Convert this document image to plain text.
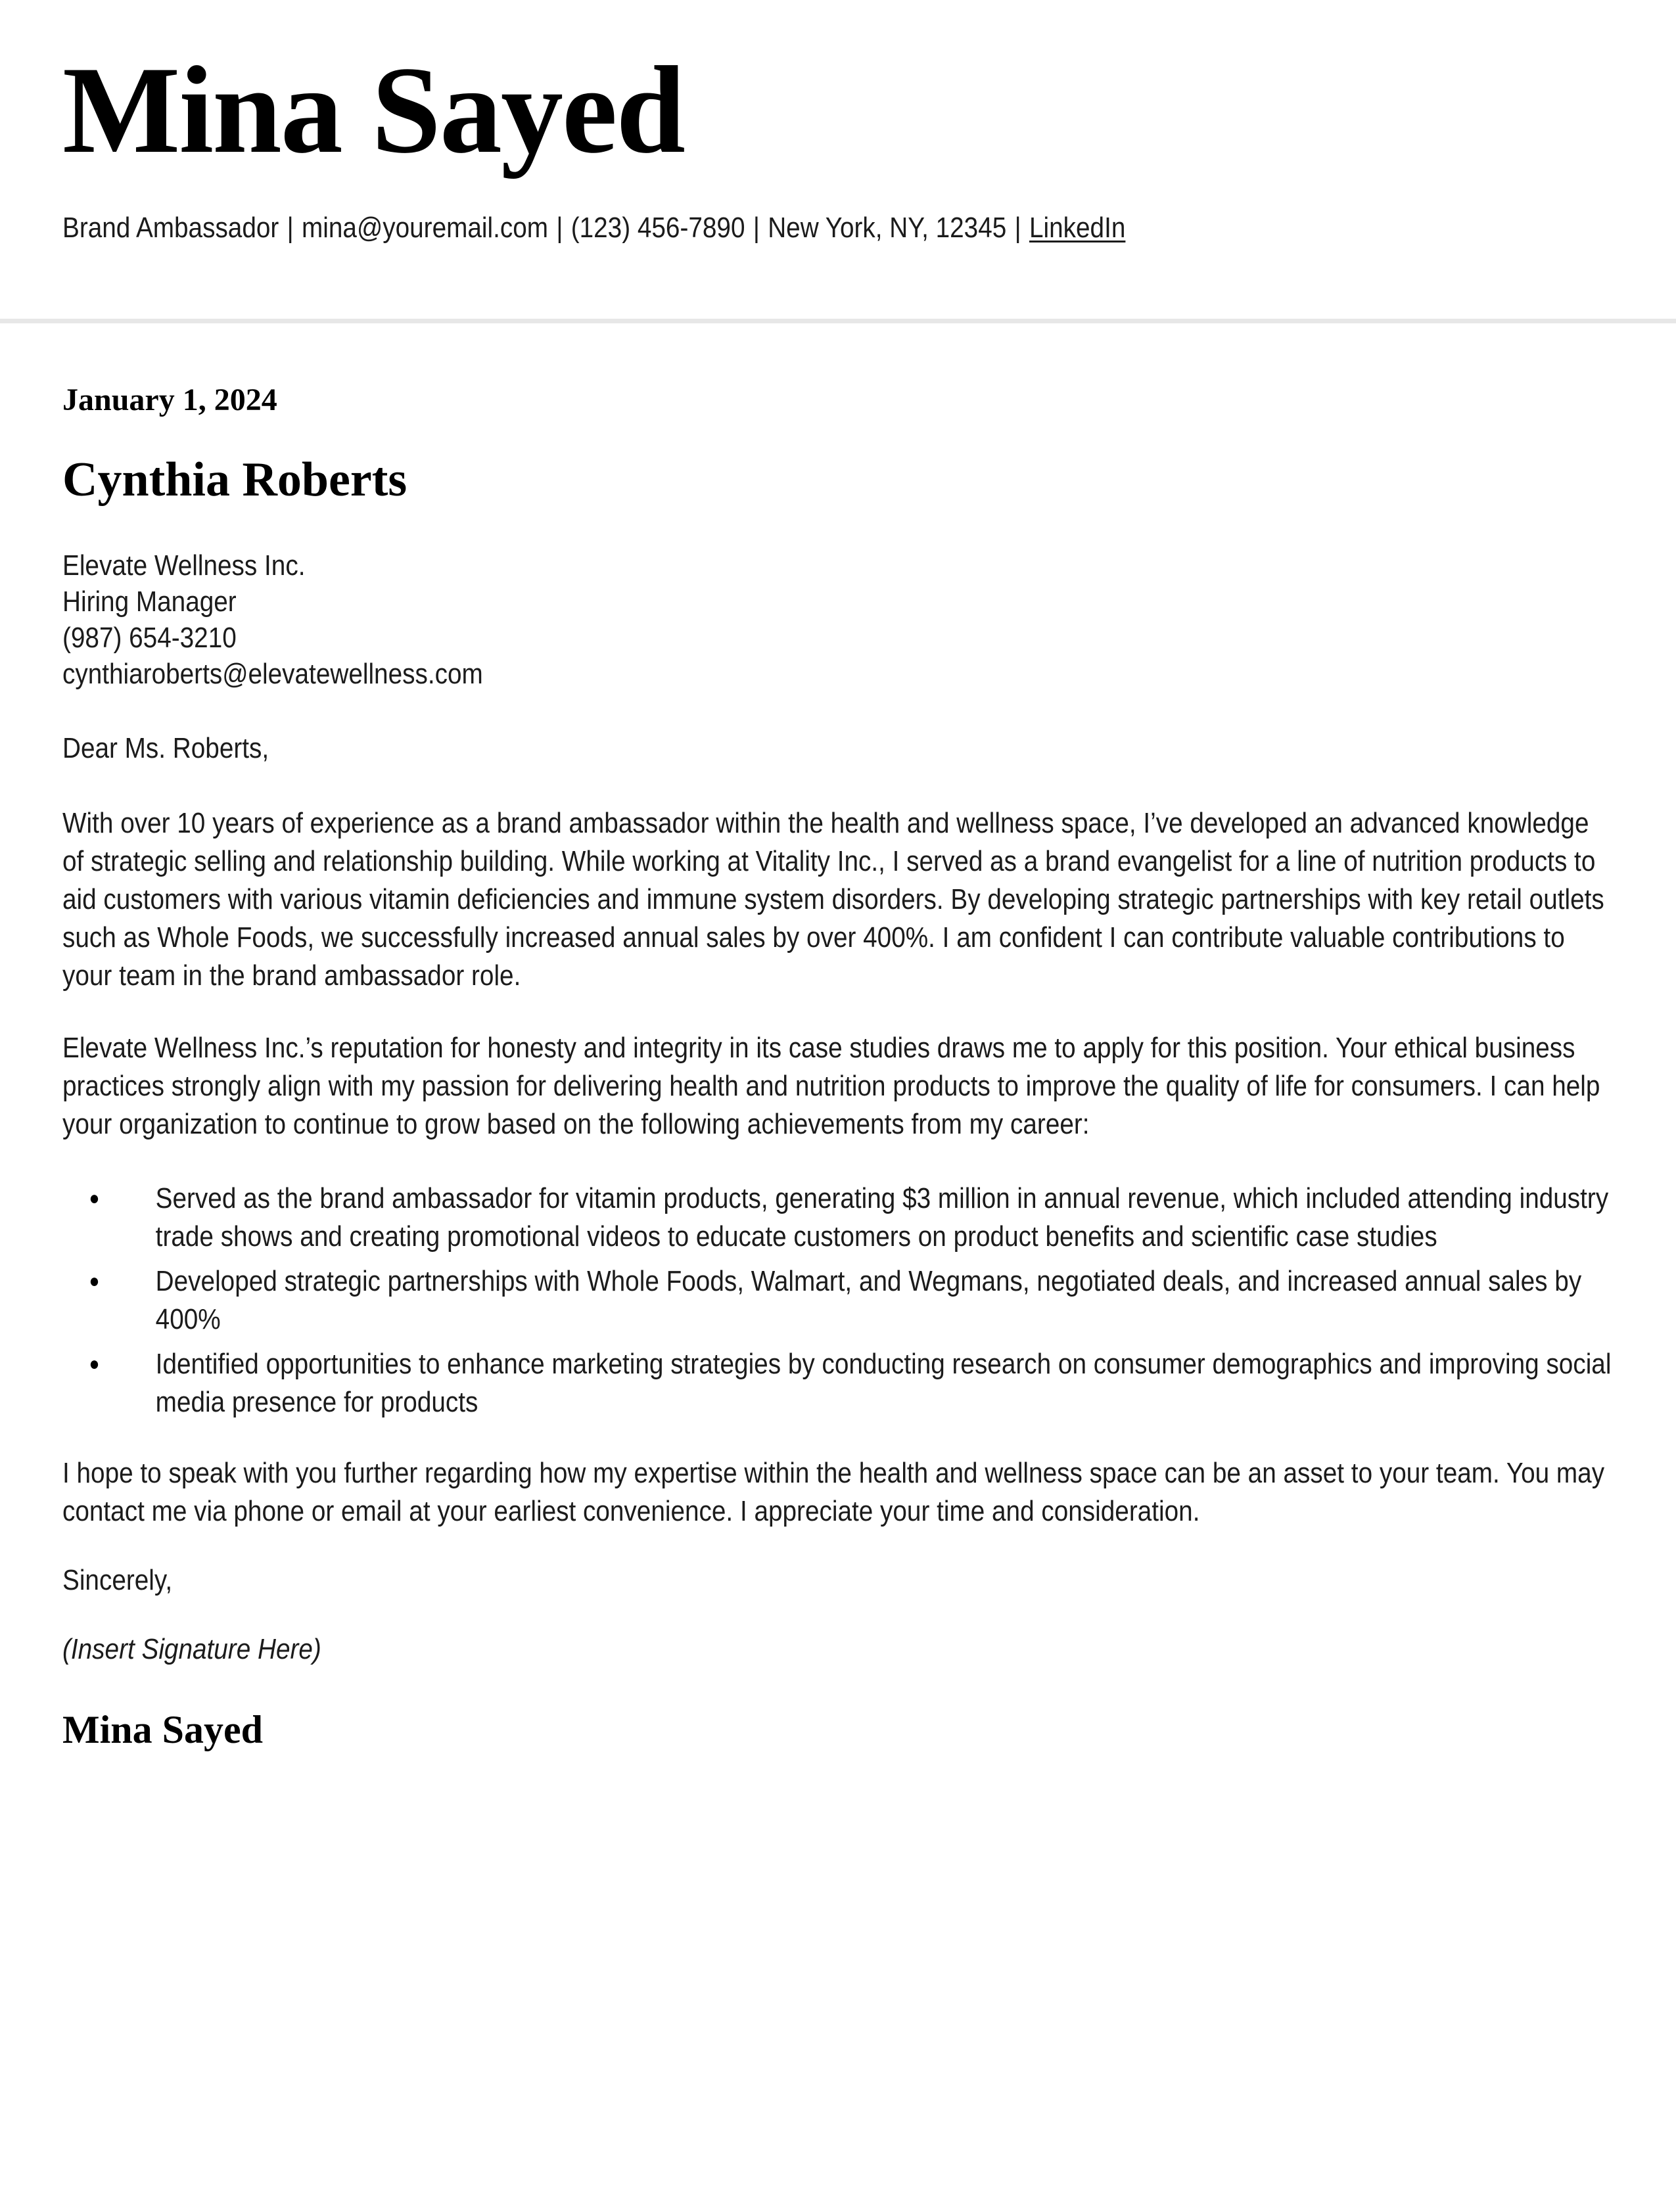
Mina Sayed
Brand Ambassador | mina@youremail.com | (123) 456-7890 | New York, NY, 12345 | LinkedIn
January 1, 2024
Cynthia Roberts
Elevate Wellness Inc.
Hiring Manager
(987) 654-3210
cynthiaroberts@elevatewellness.com
Dear Ms. Roberts,

With over 10 years of experience as a brand ambassador within the health and wellness space, I’ve developed an advanced knowledge of strategic selling and relationship building. While working at Vitality Inc., I served as a brand evangelist for a line of nutrition products to aid customers with various vitamin deficiencies and immune system disorders. By developing strategic partnerships with key retail outlets such as Whole Foods, we successfully increased annual sales by over 400%. I am confident I can contribute valuable contributions to your team in the brand ambassador role.

Elevate Wellness Inc.’s reputation for honesty and integrity in its case studies draws me to apply for this position. Your ethical business practices strongly align with my passion for delivering health and nutrition products to improve the quality of life for consumers. I can help your organization to continue to grow based on the following achievements from my career:

● Served as the brand ambassador for vitamin products, generating $3 million in annual revenue, which included attending industry trade shows and creating promotional videos to educate customers on product benefits and scientific case studies
● Developed strategic partnerships with Whole Foods, Walmart, and Wegmans, negotiated deals, and increased annual sales by 400%
● Identified opportunities to enhance marketing strategies by conducting research on consumer demographics and improving social media presence for products

I hope to speak with you further regarding how my expertise within the health and wellness space can be an asset to your team. You may contact me via phone or email at your earliest convenience. I appreciate your time and consideration.

Sincerely,
(Insert Signature Here)
Mina Sayed
